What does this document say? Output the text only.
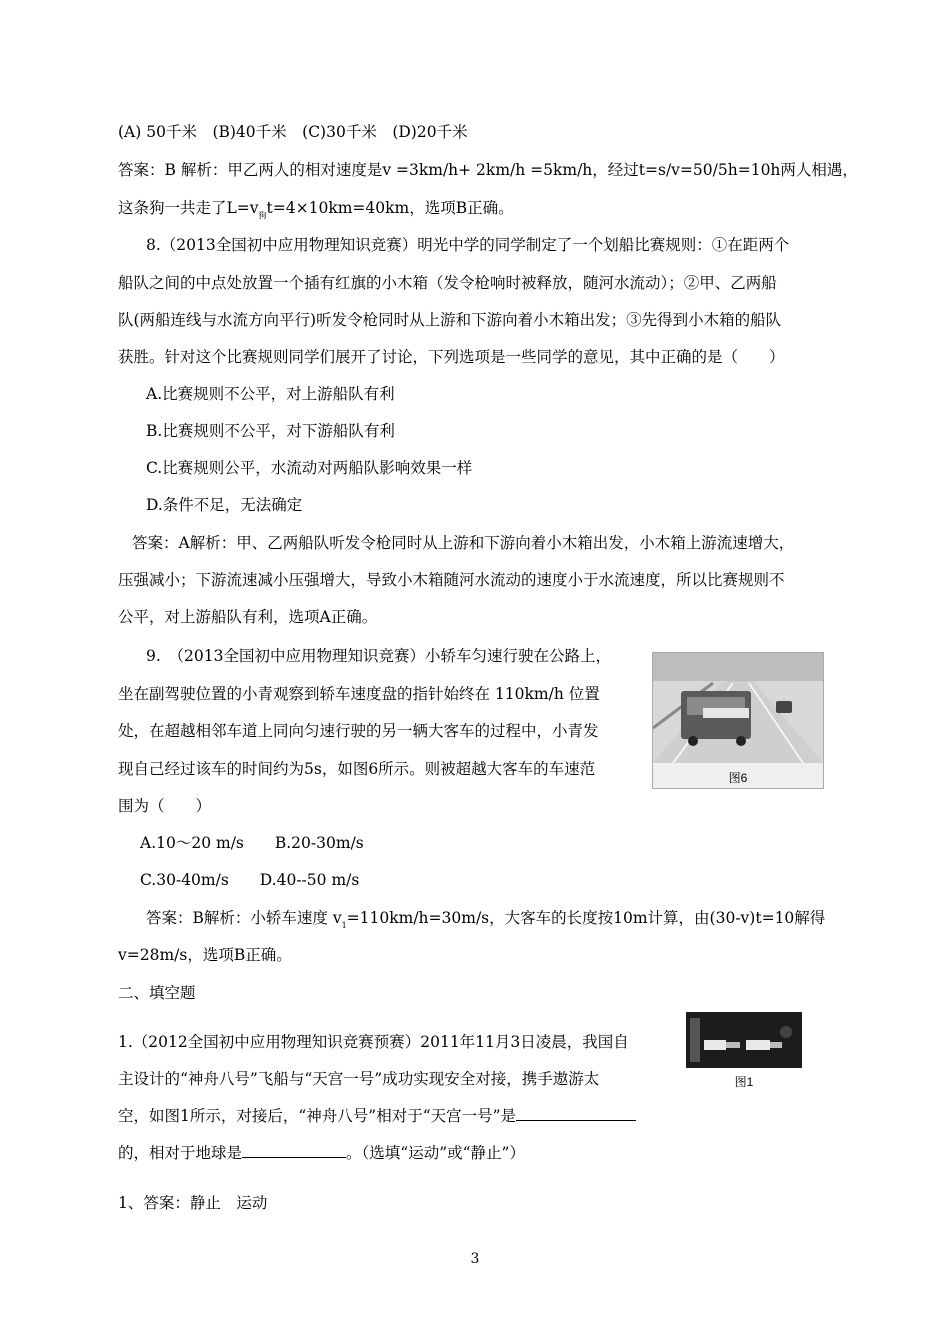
(A) 50千米　(B)40千米　(C)30千米　(D)20千米
答案：B 解析：甲乙两人的相对速度是v =3km/h+ 2km/h =5km/h，经过t=s/v=50/5h=10h两人相遇，
这条狗一共走了$L=v_狗t=4\times 10km=40km$，选项B正确。
8.（2013全国初中应用物理知识竞赛）明光中学的同学制定了一个划船比赛规则：①在距两个
船队之间的中点处放置一个插有红旗的小木箱（发令枪响时被释放，随河水流动）；②甲、乙两船
队(两船连线与水流方向平行)听发令枪同时从上游和下游向着小木箱出发；③先得到小木箱的船队
获胜。针对这个比赛规则同学们展开了讨论，下列选项是一些同学的意见，其中正确的是（　　）
A.比赛规则不公平，对上游船队有利
B.比赛规则不公平，对下游船队有利
C.比赛规则公平，水流动对两船队影响效果一样
D.条件不足，无法确定
答案：A解析：甲、乙两船队听发令枪同时从上游和下游向着小木箱出发，小木箱上游流速增大，
压强减小；下游流速减小压强增大，导致小木箱随河水流动的速度小于水流速度，所以比赛规则不
公平，对上游船队有利，选项A正确。
9.　（2013全国初中应用物理知识竞赛）小轿车匀速行驶在公路上，
坐在副驾驶位置的小青观察到轿车速度盘的指针始终在 110km/h 位置
处，在超越相邻车道上同向匀速行驶的另一辆大客车的过程中，小青发
现自己经过该车的时间约为5s，如图6所示。则被超越大客车的车速范
围为（　　）
图6
A.10～20 m/s　　B.20-30m/s
C.30-40m/s　　D.40--50 m/s
答案：B解析：小轿车速度 $v_1=110km/h=30m/s$，大客车的长度按10m计算，由(30-v)t=10解得
v=28m/s，选项B正确。
二、填空题
1.（2012全国初中应用物理知识竞赛预赛）2011年11月3日凌晨，我国自
主设计的“神舟八号”飞船与“天宫一号”成功实现安全对接，携手遨游太
空，如图1所示，对接后，“神舟八号”相对于“天宫一号”是
的，相对于地球是	。（选填“运动”或“静止”）
图1
1、答案：静止　运动
3
